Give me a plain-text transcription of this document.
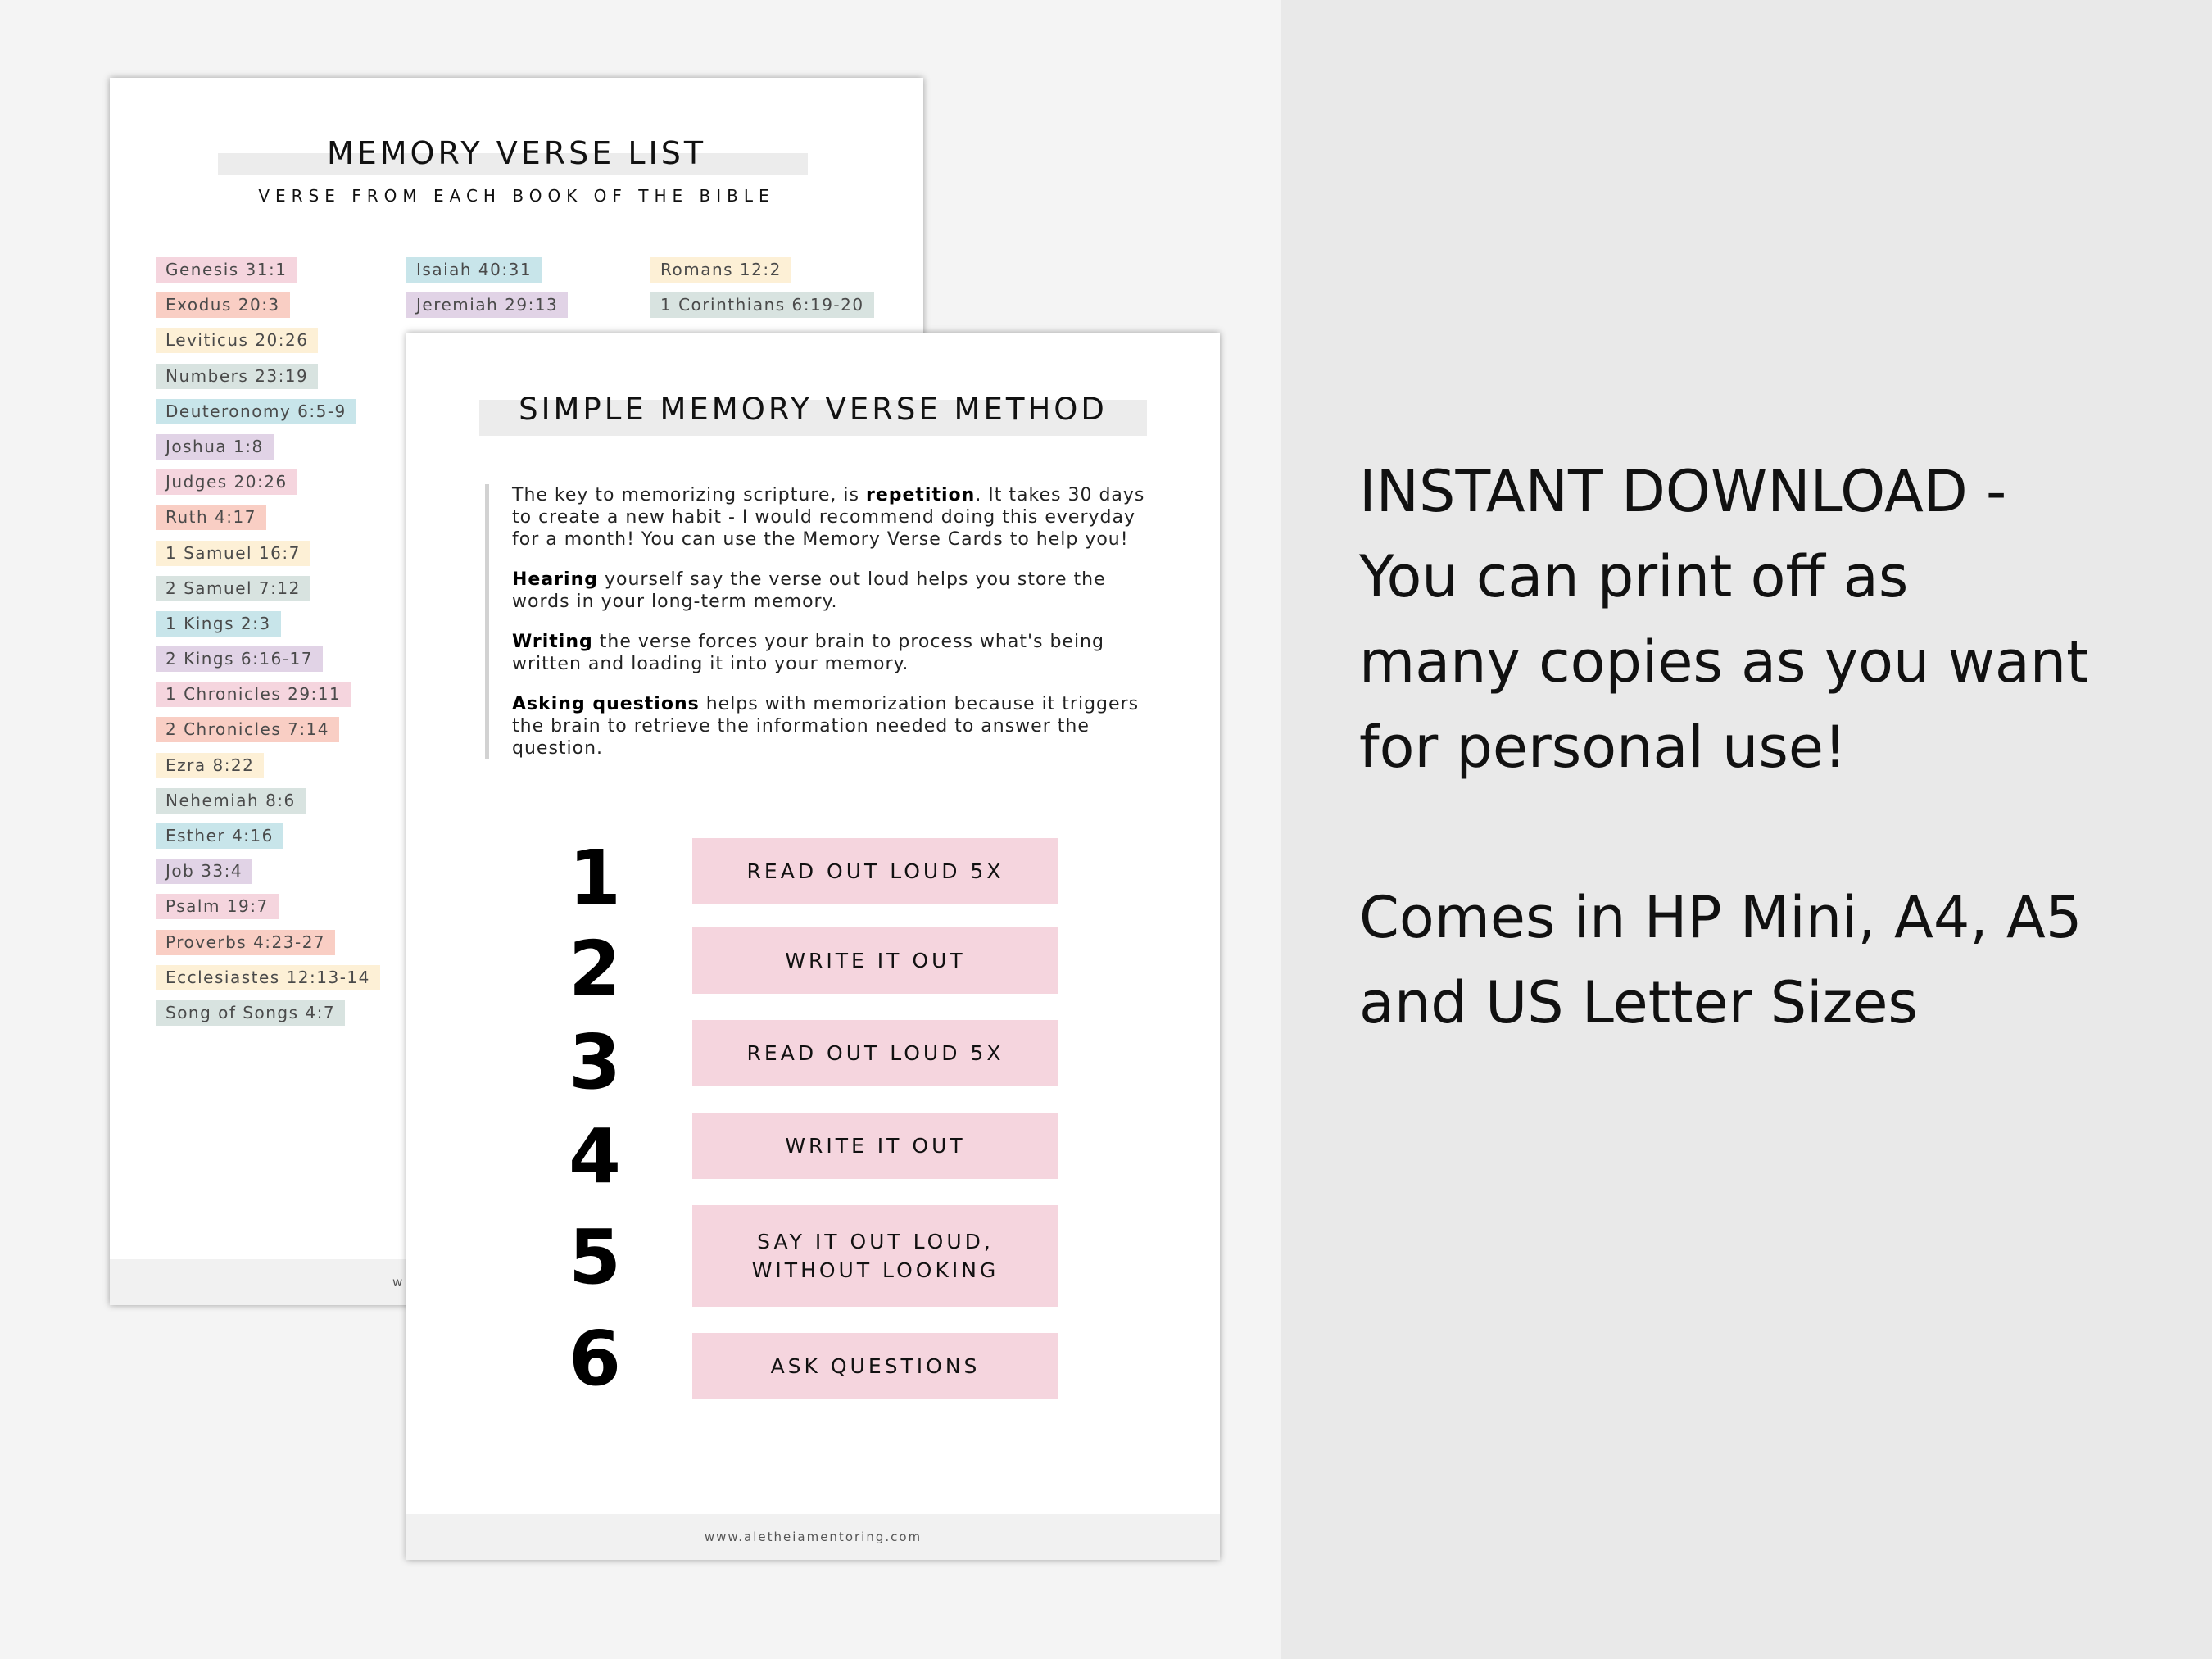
MEMORY VERSE LIST
VERSE FROM EACH BOOK OF THE BIBLE
Genesis 31:1
Exodus 20:3
Leviticus 20:26
Numbers 23:19
Deuteronomy 6:5-9
Joshua 1:8
Judges 20:26
Ruth 4:17
1 Samuel 16:7
2 Samuel 7:12
1 Kings 2:3
2 Kings 6:16-17
1 Chronicles 29:11
2 Chronicles 7:14
Ezra 8:22
Nehemiah 8:6
Esther 4:16
Job 33:4
Psalm 19:7
Proverbs 4:23-27
Ecclesiastes 12:13-14
Song of Songs 4:7
Isaiah 40:31
Jeremiah 29:13
Romans 12:2
1 Corinthians 6:19-20
w
SIMPLE MEMORY VERSE METHOD

The key to memorizing scripture, is repetition. It takes 30 days to create a new habit - I would recommend doing this everyday for a month! You can use the Memory Verse Cards to help you!

Hearing yourself say the verse out loud helps you store the words in your long-term memory.

Writing the verse forces your brain to process what's being written and loading it into your memory.

Asking questions helps with memorization because it triggers the brain to retrieve the information needed to answer the question.

1	READ OUT LOUD 5X
2	WRITE IT OUT
3	READ OUT LOUD 5X
4	WRITE IT OUT
5	SAY IT OUT LOUD,
WITHOUT LOOKING
6	ASK QUESTIONS
www.aletheiamentoring.com

INSTANT DOWNLOAD -

You can print off as

many copies as you want

for personal use!

Comes in HP Mini, A4, A5

and US Letter Sizes
